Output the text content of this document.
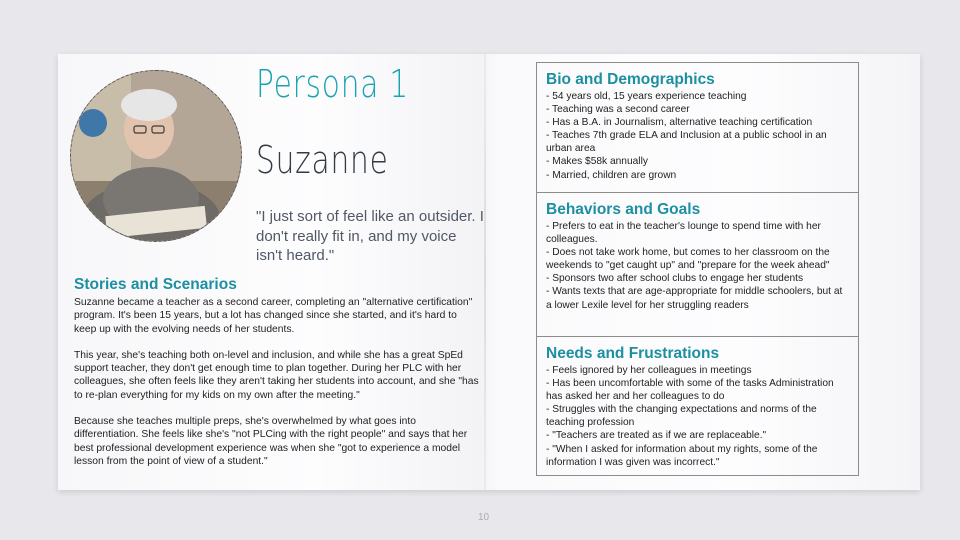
Persona 1
Suzanne
"I just sort of feel like an outsider. I don't really fit in, and my voice isn't heard."
Stories and Scenarios

Suzanne became a teacher as a second career, completing an "alternative certification" program. It's been 15 years, but a lot has changed since she started, and it's hard to keep up with the evolving needs of her students.

This year, she's teaching both on-level and inclusion, and while she has a great SpEd support teacher, they don't get enough time to plan together. During her PLC with her colleagues, she often feels like they aren't taking her students into account, and she "has to re-plan everything for my kids on my own after the meeting."

Because she teaches multiple preps, she's overwhelmed by what goes into differentiation. She feels like she's "not PLCing with the right people" and says that her best professional development experience was when she "got to experience a model lesson from the point of view of a student."

Bio and Demographics
- 54 years old, 15 years experience teaching
- Teaching was a second career
- Has a B.A. in Journalism, alternative teaching certification
- Teaches 7th grade ELA and Inclusion at a public school in an urban area
- Makes $58k annually
- Married, children are grown
Behaviors and Goals
- Prefers to eat in the teacher's lounge to spend time with her colleagues.
- Does not take work home, but comes to her classroom on the weekends to "get caught up" and "prepare for the week ahead"
- Sponsors two after school clubs to engage her students
- Wants texts that are age-appropriate for middle schoolers, but at a lower Lexile level for her struggling readers
Needs and Frustrations
- Feels ignored by her colleagues in meetings
- Has been uncomfortable with some of the tasks Administration has asked her and her colleagues to do
- Struggles with the changing expectations and norms of the teaching profession
- "Teachers are treated as if we are replaceable."
- "When I asked for information about my rights, some of the information I was given was incorrect."
10
